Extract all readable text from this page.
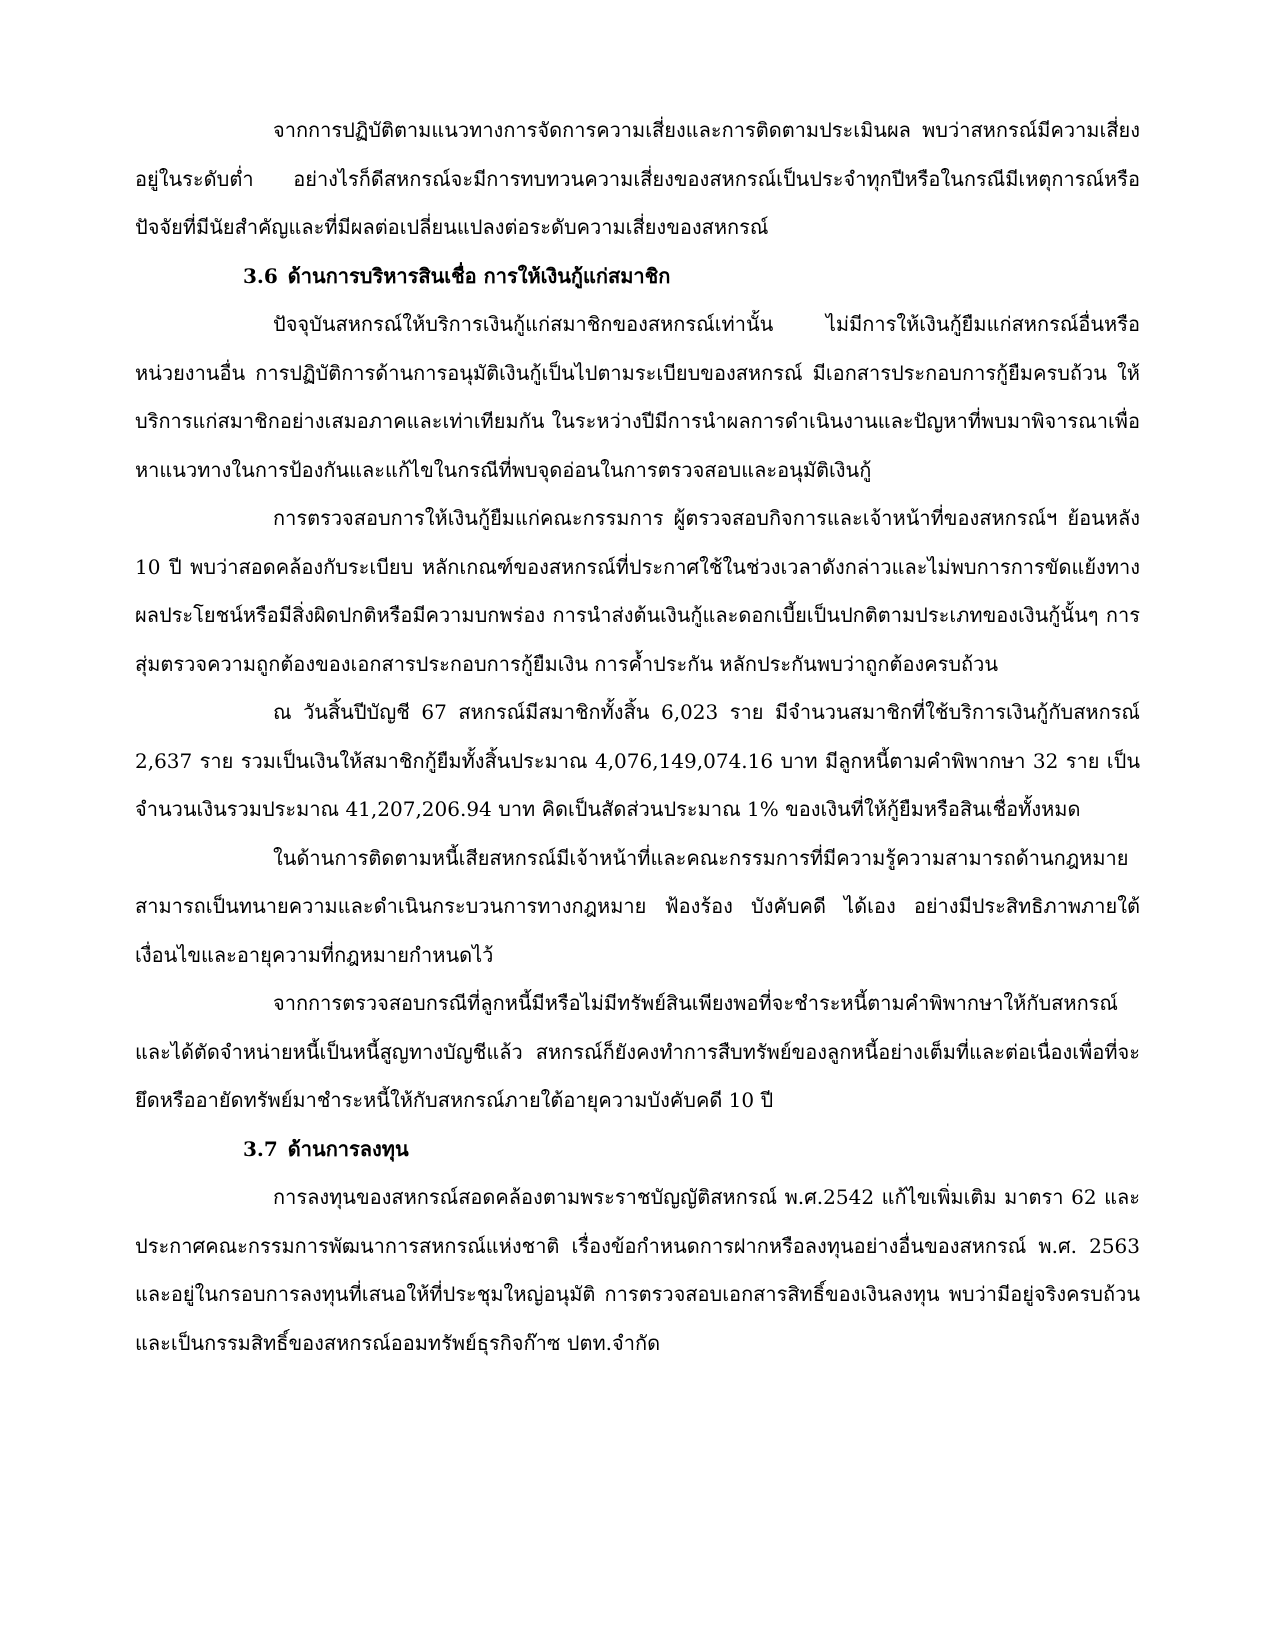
จากการปฏิบัติตามแนวทางการจัดการความเสี่ยงและการติดตามประเมินผล พบว่าสหกรณ์มีความเสี่ยงอยู่ในระดับต่ำ อย่างไรก็ดีสหกรณ์จะมีการทบทวนความเสี่ยงของสหกรณ์เป็นประจำทุกปีหรือในกรณีมีเหตุการณ์หรือปัจจัยที่มีนัยสำคัญและที่มีผลต่อเปลี่ยนแปลงต่อระดับความเสี่ยงของสหกรณ์

3.6 ด้านการบริหารสินเชื่อ การให้เงินกู้แก่สมาชิก

ปัจจุบันสหกรณ์ให้บริการเงินกู้แก่สมาชิกของสหกรณ์เท่านั้น ไม่มีการให้เงินกู้ยืมแก่สหกรณ์อื่นหรือหน่วยงานอื่น การปฏิบัติการด้านการอนุมัติเงินกู้เป็นไปตามระเบียบของสหกรณ์ มีเอกสารประกอบการกู้ยืมครบถ้วน ให้บริการแก่สมาชิกอย่างเสมอภาคและเท่าเทียมกัน ในระหว่างปีมีการนำผลการดำเนินงานและปัญหาที่พบมาพิจารณาเพื่อหาแนวทางในการป้องกันและแก้ไขในกรณีที่พบจุดอ่อนในการตรวจสอบและอนุมัติเงินกู้

การตรวจสอบการให้เงินกู้ยืมแก่คณะกรรมการ ผู้ตรวจสอบกิจการและเจ้าหน้าที่ของสหกรณ์ฯ ย้อนหลัง 10 ปี พบว่าสอดคล้องกับระเบียบ หลักเกณฑ์ของสหกรณ์ที่ประกาศใช้ในช่วงเวลาดังกล่าวและไม่พบการการขัดแย้งทางผลประโยชน์หรือมีสิ่งผิดปกติหรือมีความบกพร่อง การนำส่งต้นเงินกู้และดอกเบี้ยเป็นปกติตามประเภทของเงินกู้นั้นๆ การสุ่มตรวจความถูกต้องของเอกสารประกอบการกู้ยืมเงิน การค้ำประกัน หลักประกันพบว่าถูกต้องครบถ้วน

ณ วันสิ้นปีบัญชี 67 สหกรณ์มีสมาชิกทั้งสิ้น 6,023 ราย มีจำนวนสมาชิกที่ใช้บริการเงินกู้กับสหกรณ์ 2,637 ราย รวมเป็นเงินให้สมาชิกกู้ยืมทั้งสิ้นประมาณ 4,076,149,074.16 บาท มีลูกหนี้ตามคำพิพากษา 32 ราย เป็นจำนวนเงินรวมประมาณ 41,207,206.94 บาท คิดเป็นสัดส่วนประมาณ 1% ของเงินที่ให้กู้ยืมหรือสินเชื่อทั้งหมด

ในด้านการติดตามหนี้เสียสหกรณ์มีเจ้าหน้าที่และคณะกรรมการที่มีความรู้ความสามารถด้านกฎหมาย สามารถเป็นทนายความและดำเนินกระบวนการทางกฎหมาย ฟ้องร้อง บังคับคดี ได้เอง อย่างมีประสิทธิภาพภายใต้เงื่อนไขและอายุความที่กฎหมายกำหนดไว้

จากการตรวจสอบกรณีที่ลูกหนี้มีหรือไม่มีทรัพย์สินเพียงพอที่จะชำระหนี้ตามคำพิพากษาให้กับสหกรณ์และได้ตัดจำหน่ายหนี้เป็นหนี้สูญทางบัญชีแล้ว สหกรณ์ก็ยังคงทำการสืบทรัพย์ของลูกหนี้อย่างเต็มที่และต่อเนื่องเพื่อที่จะยึดหรืออายัดทรัพย์มาชำระหนี้ให้กับสหกรณ์ภายใต้อายุความบังคับคดี 10 ปี

3.7 ด้านการลงทุน

การลงทุนของสหกรณ์สอดคล้องตามพระราชบัญญัติสหกรณ์ พ.ศ.2542 แก้ไขเพิ่มเติม มาตรา 62 และประกาศคณะกรรมการพัฒนาการสหกรณ์แห่งชาติ เรื่องข้อกำหนดการฝากหรือลงทุนอย่างอื่นของสหกรณ์ พ.ศ. 2563 และอยู่ในกรอบการลงทุนที่เสนอให้ที่ประชุมใหญ่อนุมัติ การตรวจสอบเอกสารสิทธิ์ของเงินลงทุน พบว่ามีอยู่จริงครบถ้วนและเป็นกรรมสิทธิ์ของสหกรณ์ออมทรัพย์ธุรกิจก๊าซ ปตท.จำกัด
